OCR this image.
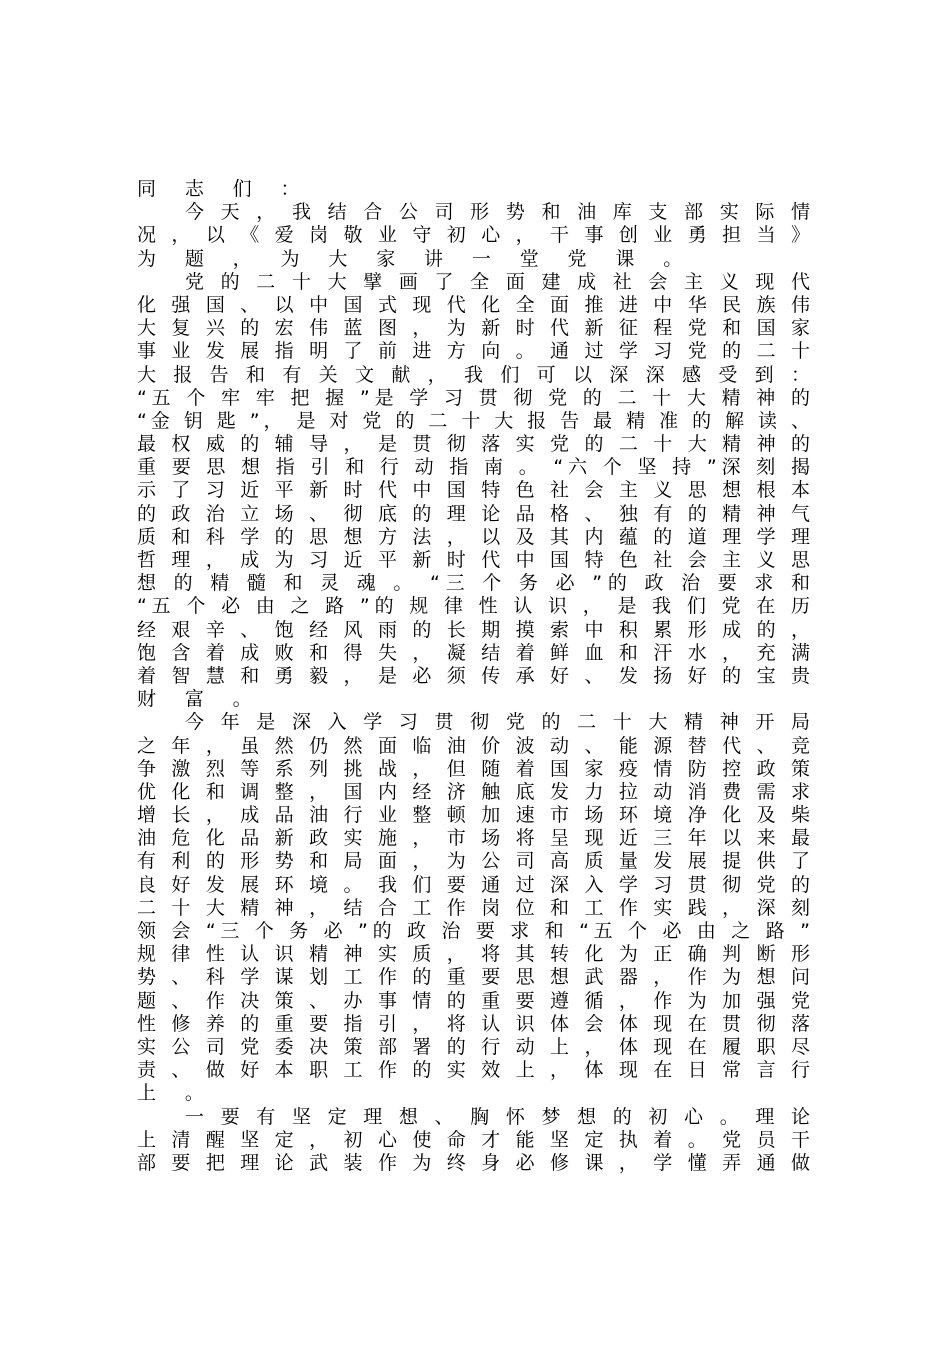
同 志 们 ：
今 天 ， 我 结 合 公 司 形 势 和 油 库 支 部 实 际 情
况 ， 以 《 爱 岗 敬 业 守 初 心 ， 干 事 创 业 勇 担 当 》
为 题 ， 为 大 家 讲 一 堂 党 课 。
党 的 二 十 大 擘 画 了 全 面 建 成 社 会 主 义 现 代
化 强 国 、 以 中 国 式 现 代 化 全 面 推 进 中 华 民 族 伟
大 复 兴 的 宏 伟 蓝 图 ， 为 新 时 代 新 征 程 党 和 国 家
事 业 发 展 指 明 了 前 进 方 向 。 通 过 学 习 党 的 二 十
大 报 告 和 有 关 文 献 ， 我 们 可 以 深 深 感 受 到 ：
“五 个 牢 牢 把 握 ”是 学 习 贯 彻 党 的 二 十 大 精 神 的
“金 钥 匙 ”， 是 对 党 的 二 十 大 报 告 最 精 准 的 解 读 、
最 权 威 的 辅 导 ， 是 贯 彻 落 实 党 的 二 十 大 精 神 的
重 要 思 想 指 引 和 行 动 指 南 。 “六 个 坚 持 ”深 刻 揭
示 了 习 近 平 新 时 代 中 国 特 色 社 会 主 义 思 想 根 本
的 政 治 立 场 、 彻 底 的 理 论 品 格 、 独 有 的 精 神 气
质 和 科 学 的 思 想 方 法 ， 以 及 其 内 蕴 的 道 理 学 理
哲 理 ， 成 为 习 近 平 新 时 代 中 国 特 色 社 会 主 义 思
想 的 精 髓 和 灵 魂 。 “三 个 务 必 ”的 政 治 要 求 和
“五 个 必 由 之 路 ”的 规 律 性 认 识 ， 是 我 们 党 在 历
经 艰 辛 、 饱 经 风 雨 的 长 期 摸 索 中 积 累 形 成 的 ，
饱 含 着 成 败 和 得 失 ， 凝 结 着 鲜 血 和 汗 水 ， 充 满
着 智 慧 和 勇 毅 ， 是 必 须 传 承 好 、 发 扬 好 的 宝 贵
财 富 。
今 年 是 深 入 学 习 贯 彻 党 的 二 十 大 精 神 开 局
之 年 ， 虽 然 仍 然 面 临 油 价 波 动 、 能 源 替 代 、 竞
争 激 烈 等 系 列 挑 战 ， 但 随 着 国 家 疫 情 防 控 政 策
优 化 和 调 整 ， 国 内 经 济 触 底 发 力 拉 动 消 费 需 求
增 长 ， 成 品 油 行 业 整 顿 加 速 市 场 环 境 净 化 及 柴
油 危 化 品 新 政 实 施 ， 市 场 将 呈 现 近 三 年 以 来 最
有 利 的 形 势 和 局 面 ， 为 公 司 高 质 量 发 展 提 供 了
良 好 发 展 环 境 。 我 们 要 通 过 深 入 学 习 贯 彻 党 的
二 十 大 精 神 ， 结 合 工 作 岗 位 和 工 作 实 践 ， 深 刻
领 会 “三 个 务 必 ”的 政 治 要 求 和 “五 个 必 由 之 路 ”
规 律 性 认 识 精 神 实 质 ， 将 其 转 化 为 正 确 判 断 形
势 、 科 学 谋 划 工 作 的 重 要 思 想 武 器 ， 作 为 想 问
题 、 作 决 策 、 办 事 情 的 重 要 遵 循 ， 作 为 加 强 党
性 修 养 的 重 要 指 引 ， 将 认 识 体 会 体 现 在 贯 彻 落
实 公 司 党 委 决 策 部 署 的 行 动 上 ， 体 现 在 履 职 尽
责 、 做 好 本 职 工 作 的 实 效 上 ， 体 现 在 日 常 言 行
上 。
一 要 有 坚 定 理 想 、 胸 怀 梦 想 的 初 心 。 理 论
上 清 醒 坚 定 ， 初 心 使 命 才 能 坚 定 执 着 。 党 员 干
部 要 把 理 论 武 装 作 为 终 身 必 修 课 ， 学 懂 弄 通 做
